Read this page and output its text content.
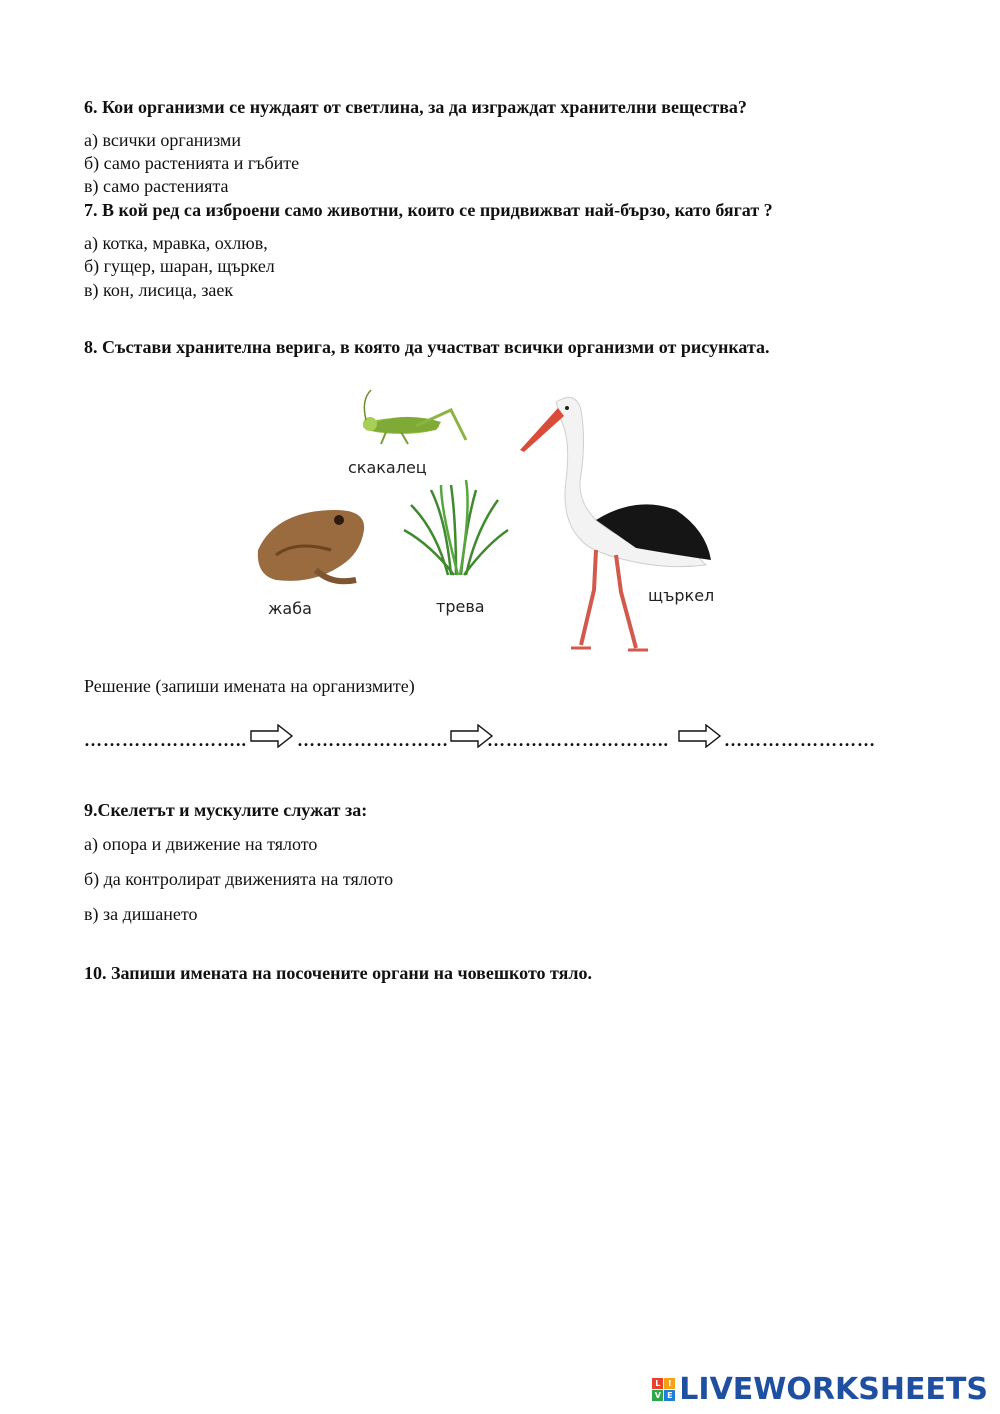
6. Кои организми се нуждаят от светлина, за да изграждат хранителни вещества?
а) всички организми
б) само растенията и гъбите
в) само растенията
7. В кой ред са изброени само животни, които се придвижват най-бързо, като бягат ?
а) котка, мравка, охлюв,
б) гущер, шаран, щъркел
в) кон, лисица, заек
8. Състави хранителна верига, в която да участват всички организми от рисунката.
скакалец
жаба	трева
щъркел
Решение (запиши имената на организмите)
……………………..	…………………… ………………………..	……………………
9.Скелетът и мускулите служат за:
а) опора и движение на тялото
б) да контролират движенията на тялото
в) за дишането
10. Запиши имената на посочените органи на човешкото тяло.
L I
V E LIVEWORKSHEETS
